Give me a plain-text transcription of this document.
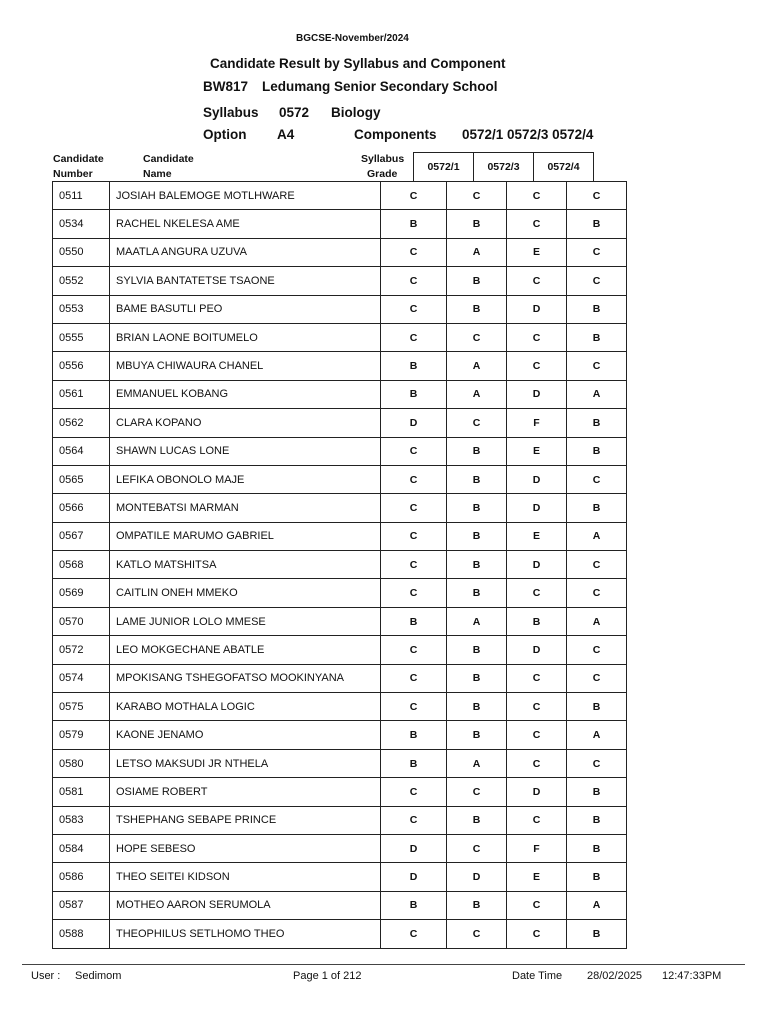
BGCSE-November/2024
Candidate Result by Syllabus and Component
BW817 Ledumang Senior Secondary School
Syllabus 0572 Biology
Option A4	Components 0572/1 0572/3 0572/4
Candidate
Number
Candidate
Name
Syllabus
Grade
0572/1	0572/3	0572/4
0511	JOSIAH BALEMOGE MOTLHWARE	C	C	C	C
0534	RACHEL NKELESA AME	B	B	C	B
0550	MAATLA ANGURA UZUVA	C	A	E	C
0552	SYLVIA BANTATETSE TSAONE	C	B	C	C
0553	BAME BASUTLI PEO	C	B	D	B
0555	BRIAN LAONE BOITUMELO	C	C	C	B
0556	MBUYA CHIWAURA CHANEL	B	A	C	C
0561	EMMANUEL KOBANG	B	A	D	A
0562	CLARA KOPANO	D	C	F	B
0564	SHAWN LUCAS LONE	C	B	E	B
0565	LEFIKA OBONOLO MAJE	C	B	D	C
0566	MONTEBATSI MARMAN	C	B	D	B
0567	OMPATILE MARUMO GABRIEL	C	B	E	A
0568	KATLO MATSHITSA	C	B	D	C
0569	CAITLIN ONEH MMEKO	C	B	C	C
0570	LAME JUNIOR LOLO MMESE	B	A	B	A
0572	LEO MOKGECHANE ABATLE	C	B	D	C
0574	MPOKISANG TSHEGOFATSO MOOKINYANA	C	B	C	C
0575	KARABO MOTHALA LOGIC	C	B	C	B
0579	KAONE JENAMO	B	B	C	A
0580	LETSO MAKSUDI JR NTHELA	B	A	C	C
0581	OSIAME ROBERT	C	C	D	B
0583	TSHEPHANG SEBAPE PRINCE	C	B	C	B
0584	HOPE SEBESO	D	C	F	B
0586	THEO SEITEI KIDSON	D	D	E	B
0587	MOTHEO AARON SERUMOLA	B	B	C	A
0588	THEOPHILUS SETLHOMO THEO	C	C	C	B
User : Sedimom	Page 1 of 212	Date Time 28/02/2025 12:47:33PM
